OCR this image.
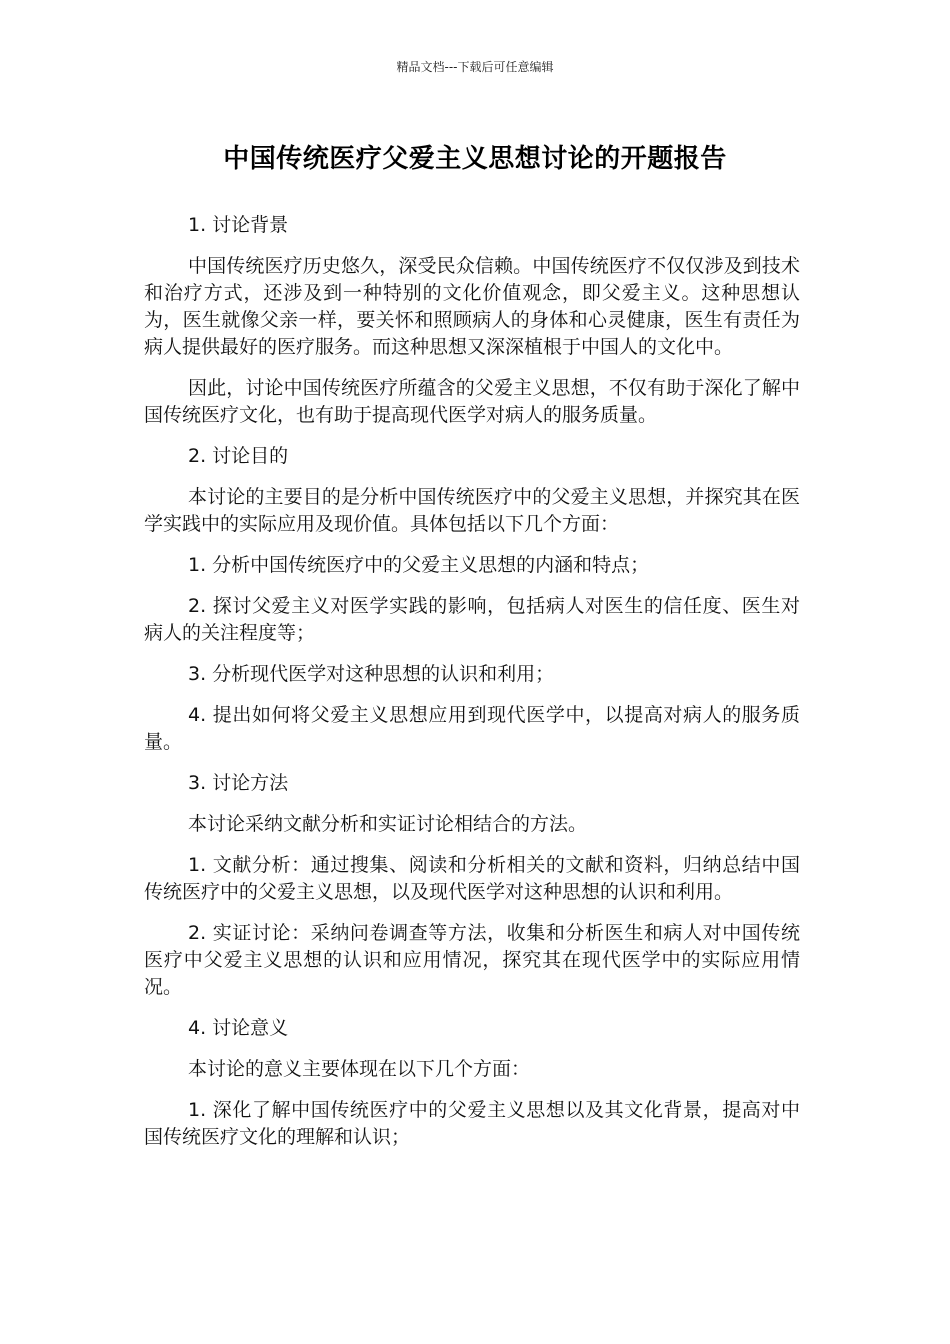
精品文档---下载后可任意编辑
中国传统医疗父爱主义思想讨论的开题报告

1. 讨论背景

中国传统医疗历史悠久，深受民众信赖。中国传统医疗不仅仅涉及到技术和治疗方式，还涉及到一种特别的文化价值观念，即父爱主义。这种思想认为，医生就像父亲一样，要关怀和照顾病人的身体和心灵健康，医生有责任为病人提供最好的医疗服务。而这种思想又深深植根于中国人的文化中。

因此，讨论中国传统医疗所蕴含的父爱主义思想，不仅有助于深化了解中国传统医疗文化，也有助于提高现代医学对病人的服务质量。

2. 讨论目的

本讨论的主要目的是分析中国传统医疗中的父爱主义思想，并探究其在医学实践中的实际应用及现价值。具体包括以下几个方面：

1. 分析中国传统医疗中的父爱主义思想的内涵和特点；

2. 探讨父爱主义对医学实践的影响，包括病人对医生的信任度、医生对病人的关注程度等；

3. 分析现代医学对这种思想的认识和利用；

4. 提出如何将父爱主义思想应用到现代医学中，以提高对病人的服务质量。

3. 讨论方法

本讨论采纳文献分析和实证讨论相结合的方法。

1. 文献分析：通过搜集、阅读和分析相关的文献和资料，归纳总结中国传统医疗中的父爱主义思想，以及现代医学对这种思想的认识和利用。

2. 实证讨论：采纳问卷调查等方法，收集和分析医生和病人对中国传统医疗中父爱主义思想的认识和应用情况，探究其在现代医学中的实际应用情况。

4. 讨论意义

本讨论的意义主要体现在以下几个方面：

1. 深化了解中国传统医疗中的父爱主义思想以及其文化背景，提高对中国传统医疗文化的理解和认识；
